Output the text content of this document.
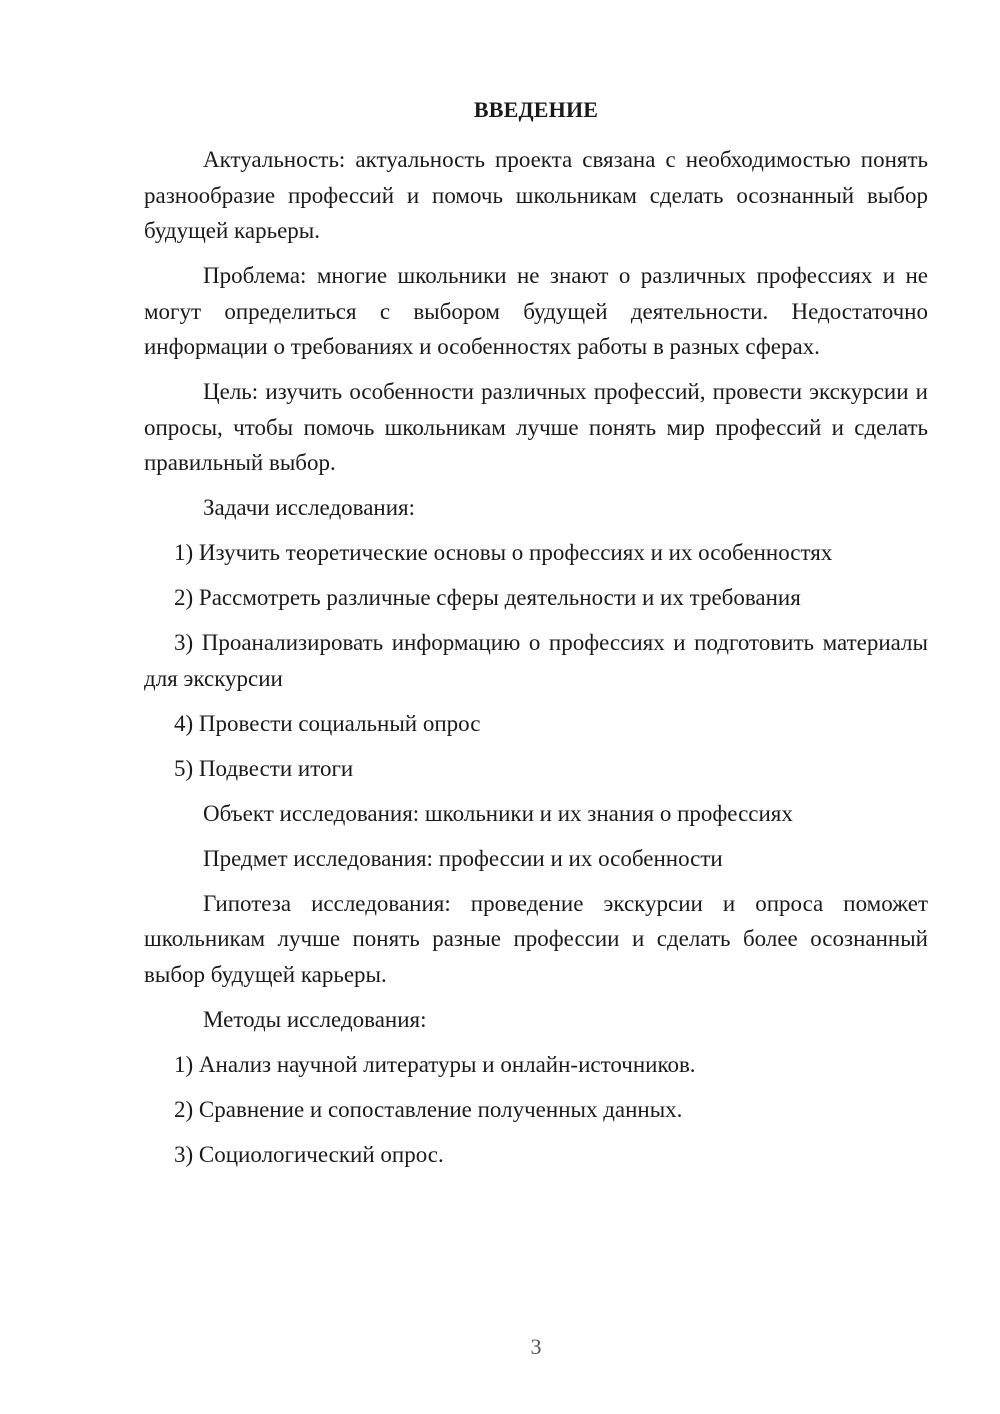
ВВЕДЕНИЕ

Актуальность: актуальность проекта связана с необходимостью понять разнообразие профессий и помочь школьникам сделать осознанный выбор будущей карьеры.

Проблема: многие школьники не знают о различных профессиях и не могут определиться с выбором будущей деятельности. Недостаточно информации о требованиях и особенностях работы в разных сферах.

Цель: изучить особенности различных профессий, провести экскурсии и опросы, чтобы помочь школьникам лучше понять мир профессий и сделать правильный выбор.

Задачи исследования:

1) Изучить теоретические основы о профессиях и их особенностях

2) Рассмотреть различные сферы деятельности и их требования

3) Проанализировать информацию о профессиях и подготовить материалы для экскурсии

4) Провести социальный опрос

5) Подвести итоги

Объект исследования: школьники и их знания о профессиях

Предмет исследования: профессии и их особенности

Гипотеза исследования: проведение экскурсии и опроса поможет школьникам лучше понять разные профессии и сделать более осознанный выбор будущей карьеры.

Методы исследования:

1) Анализ научной литературы и онлайн-источников.

2) Сравнение и сопоставление полученных данных.

3) Социологический опрос.

3
